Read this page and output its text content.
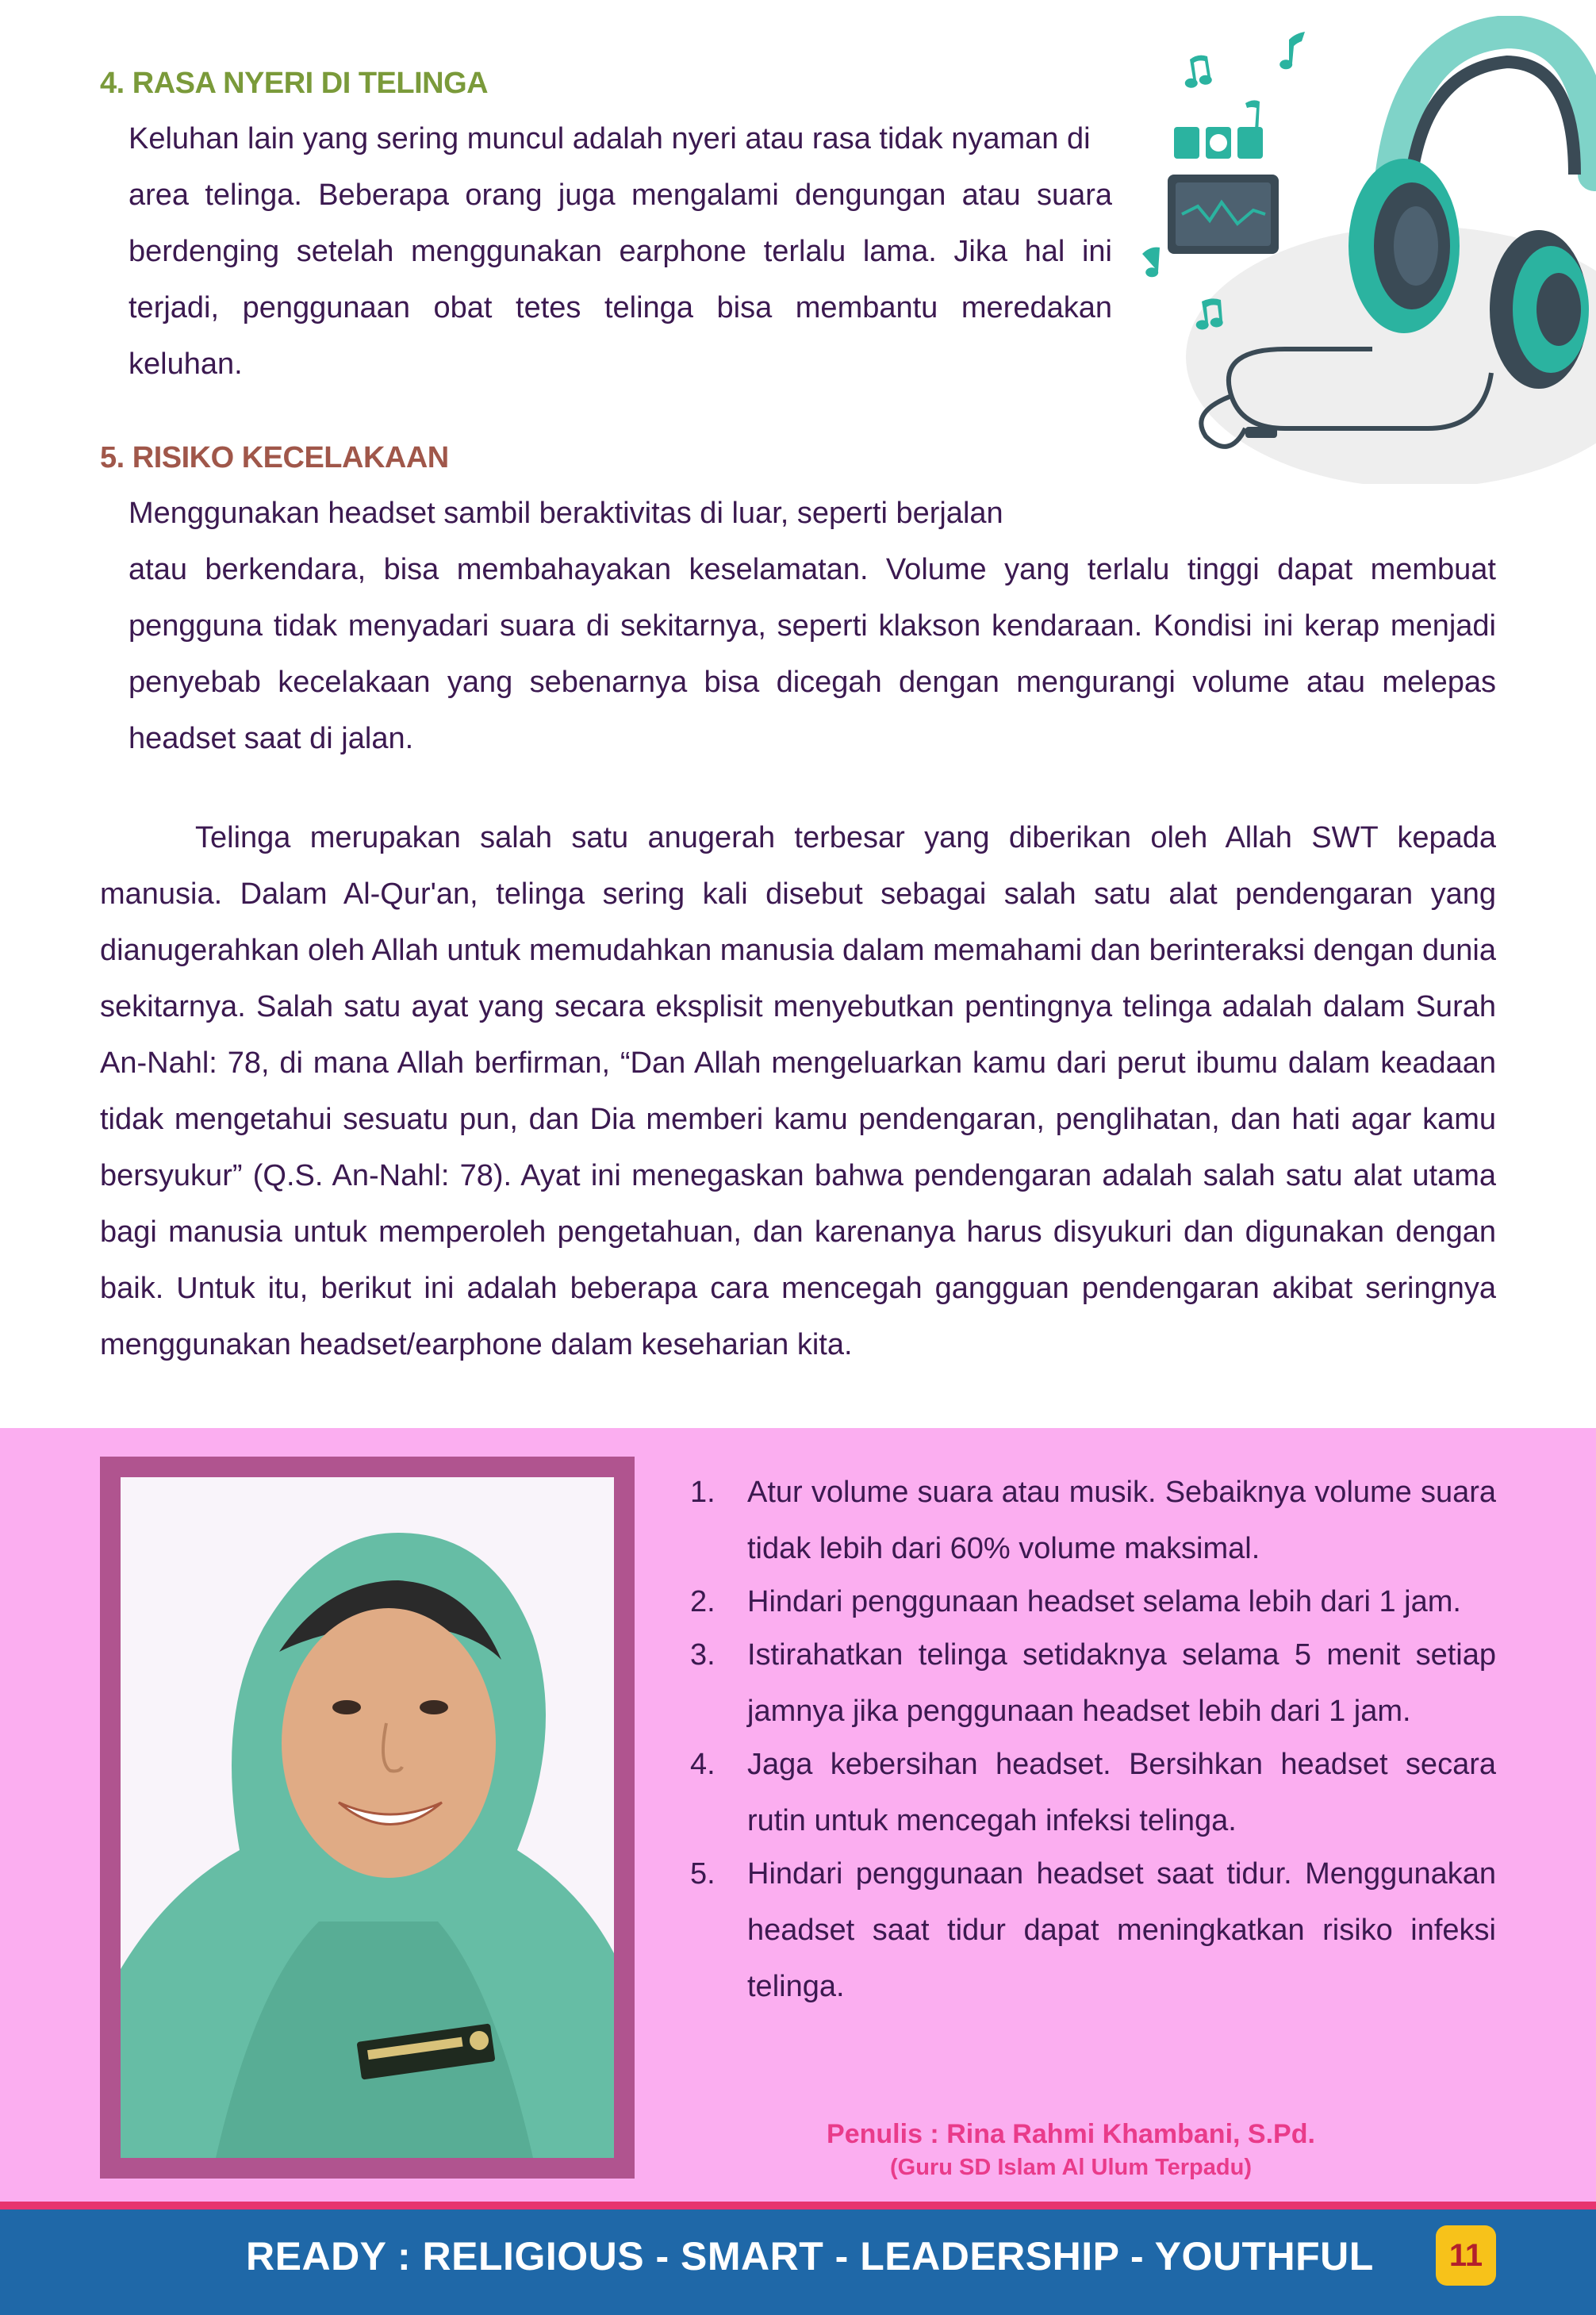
4. RASA NYERI DI TELINGA

Keluhan lain yang sering muncul adalah nyeri atau rasa tidak nyaman di

area telinga. Beberapa orang juga mengalami dengungan atau suara

berdenging setelah menggunakan earphone terlalu lama. Jika hal ini

terjadi, penggunaan obat tetes telinga bisa membantu meredakan

keluhan.

5. RISIKO KECELAKAAN
Menggunakan headset sambil beraktivitas di luar, seperti berjalan

atau berkendara, bisa membahayakan keselamatan. Volume yang terlalu tinggi dapat membuat pengguna tidak menyadari suara di sekitarnya, seperti klakson kendaraan. Kondisi ini kerap menjadi penyebab kecelakaan yang sebenarnya bisa dicegah dengan mengurangi volume atau melepas headset saat di jalan.

Telinga merupakan salah satu anugerah terbesar yang diberikan oleh Allah SWT kepada manusia. Dalam Al-Qur'an, telinga sering kali disebut sebagai salah satu alat pendengaran yang dianugerahkan oleh Allah untuk memudahkan manusia dalam memahami dan berinteraksi dengan dunia sekitarnya. Salah satu ayat yang secara eksplisit menyebutkan pentingnya telinga adalah dalam Surah An-Nahl: 78, di mana Allah berfirman, “Dan Allah mengeluarkan kamu dari perut ibumu dalam keadaan tidak mengetahui sesuatu pun, dan Dia memberi kamu pendengaran, penglihatan, dan hati agar kamu bersyukur” (Q.S. An-Nahl: 78). Ayat ini menegaskan bahwa pendengaran adalah salah satu alat utama bagi manusia untuk memperoleh pengetahuan, dan karenanya harus disyukuri dan digunakan dengan baik. Untuk itu, berikut ini adalah beberapa cara mencegah gangguan pendengaran akibat seringnya menggunakan headset/earphone dalam keseharian kita.

1. Atur volume suara atau musik. Sebaiknya volume suara tidak lebih dari 60% volume maksimal.
2. Hindari penggunaan headset selama lebih dari 1 jam.
3. Istirahatkan telinga setidaknya selama 5 menit setiap jamnya jika penggunaan headset lebih dari 1 jam.
4. Jaga kebersihan headset. Bersihkan headset secara rutin untuk mencegah infeksi telinga.
5. Hindari penggunaan headset saat tidur. Menggunakan headset saat tidur dapat meningkatkan risiko infeksi telinga.
Penulis : Rina Rahmi Khambani, S.Pd.
(Guru SD Islam Al Ulum Terpadu)
READY : RELIGIOUS - SMART - LEADERSHIP - YOUTHFUL	11
